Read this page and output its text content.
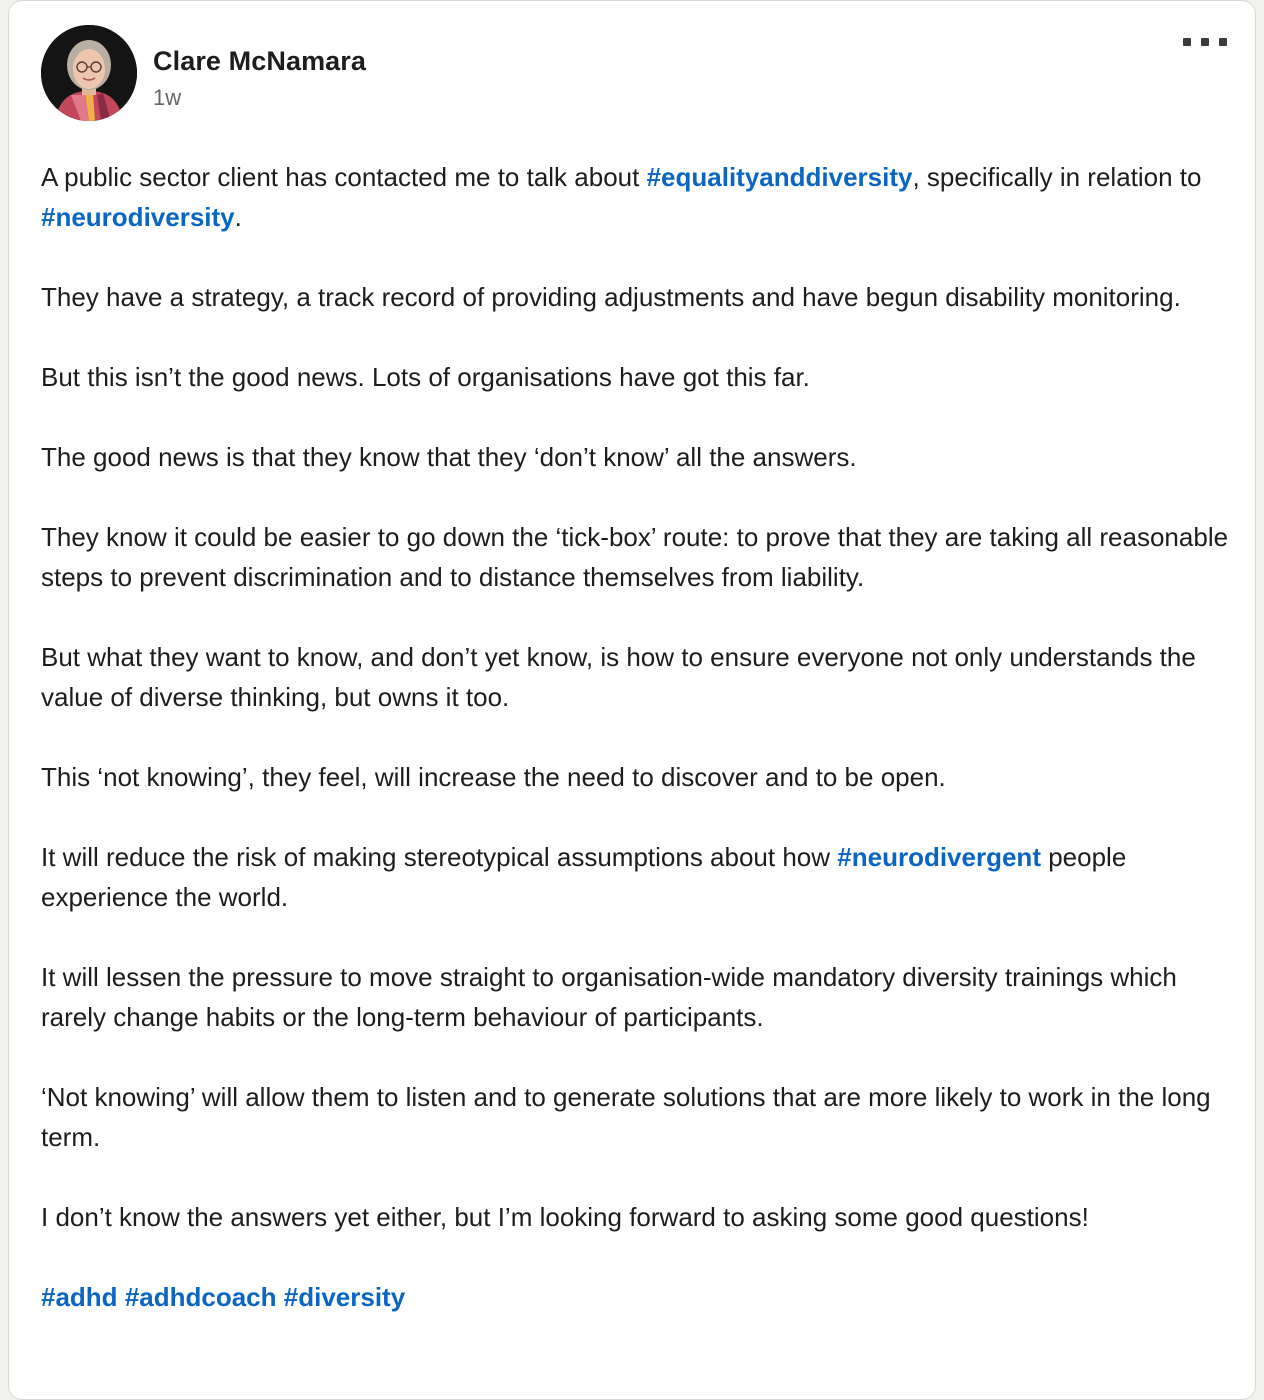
Clare McNamara
1w

A public sector client has contacted me to talk about #equalityanddiversity, specifically in relation to #neurodiversity.

They have a strategy, a track record of providing adjustments and have begun disability monitoring.

But this isn’t the good news. Lots of organisations have got this far.

The good news is that they know that they ‘don’t know’ all the answers.

They know it could be easier to go down the ‘tick-box’ route: to prove that they are taking all reasonable steps to prevent discrimination and to distance themselves from liability.

But what they want to know, and don’t yet know, is how to ensure everyone not only understands the value of diverse thinking, but owns it too.

This ‘not knowing’, they feel, will increase the need to discover and to be open.

It will reduce the risk of making stereotypical assumptions about how #neurodivergent people experience the world.

It will lessen the pressure to move straight to organisation-wide mandatory diversity trainings which rarely change habits or the long-term behaviour of participants.

‘Not knowing’ will allow them to listen and to generate solutions that are more likely to work in the long term.

I don’t know the answers yet either, but I’m looking forward to asking some good questions!

#adhd #adhdcoach #diversity
